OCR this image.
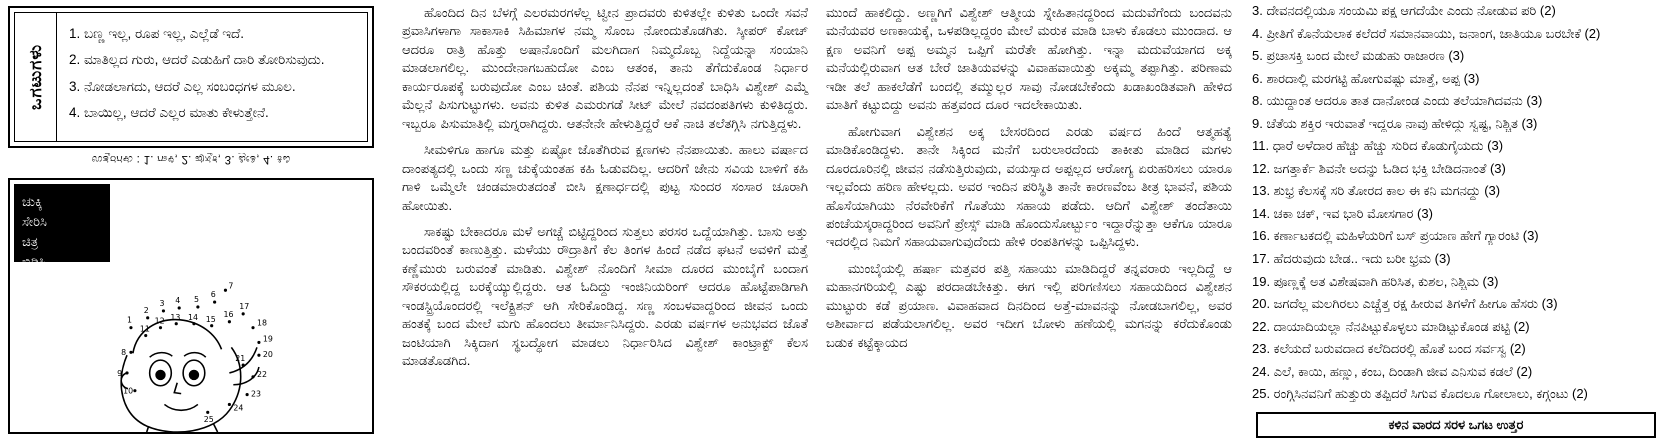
ಒಗಟುಗಳು
1. ಬಣ್ಣ ಇಲ್ಲ, ರೂಪ ಇಲ್ಲ, ಎಲ್ಲೆಡೆ ಇದೆ.
2. ಮಾತಿಲ್ಲದ ಗುರು, ಆದರೆ ಎಡುಹಿಗೆ ದಾರಿ ತೋರಿಸುವುದು.
3. ನೋಡಲಾಗದು, ಆದರೆ ಎಲ್ಲ ಸಂಬಂಧಗಳ ಮೂಲ.
4. ಬಾಯಿಲ್ಲ, ಆದರೆ ಎಲ್ಲರ ಮಾತು ಕೇಳುತ್ತೇನೆ.
ಉತ್ತರಗಳು : 1. ಗಾಳಿ, 2. ಪುಸ್ತಕ, 3. ಪ್ರೀತಿ, 4. ಕಿವಿ
ಚುಕ್ಕಿ
ಸೇರಿಸಿ
ಚಿತ್ರ
ಬಿಡಿಸಿ
1
2
3 4 5
6
7
8
9
10
11
12 13 14 15
16
17
18
19
20
21
22
23
24
25

ಹೊಂದಿದ ದಿನ ಬೆಳಗ್ಗೆ ಎಲರಮರಗಳೆಲ್ಲ ಟ್ವೀನ ಪ್ರಾದವರು ಕುಳಿತಲ್ಲೇ ಕುಳಿತು ಒಂದೇ ಸವನೆ ಪ್ರವಾಸಿಗಳಾಗಾ ಸಾಕಾಸಾಕಿ ಸಿಹಿಮಾಗಳ ನಮ್ಮ ಸೊಂಬ ನೋಂದುತೊಡಗಿತು. ಸ್ಕೀಪರ್ ಕೋಚ್ ಆದರೂ ರಾತ್ರಿ ಹೊತ್ತು ಅಷಾನೊಂದಿಗೆ ಮಲಗಿದಾಗ ನಿಮ್ಮದೊಬ್ಬ ನಿದ್ದೆಯನ್ನಾ ಸಂಯಾನಿ ಮಾಡಲಾಗಲಿಲ್ಲ. ಮುಂದೇನಾಗಬಹುದೋ ಎಂಬ ಆತಂಕ, ತಾನು ತೆಗೆದುಕೊಂಡ ನಿರ್ಧಾರ ಕಾರ್ಯರೂಪಕ್ಕೆ ಬರುವುದೋ ಎಂಬ ಚಿಂತೆ. ಪಶಿಯ ನೆನಪ ಇನ್ನಿಲ್ಲದಂತೆ ಬಾಧಿಸಿ ವಿಶ್ವೇಶ್ ಎಮ್ಮೆ ಮೆಲ್ಲನೆ ಪಿಸುಗುಟ್ಟುಗಳು. ಅವನು ಕುಳಿತ ಎಮರುಗಡೆ ಸೀಟ್ ಮೇಲೆ ನವದಂಪತಿಗಳು ಕುಳಿತಿದ್ದರು. ಇಬ್ಬರೂ ಪಿಸುಮಾತಿಲ್ಲಿ ಮಗ್ನರಾಗಿದ್ದರು. ಆತನೇನೇ ಹೇಳುತ್ತಿದ್ದರೆ ಆಕೆ ನಾಚಿ ತಲೆತಗ್ಗಿಸಿ ನಗುತ್ತಿದ್ದಳು.

ಸೀಮಳಿಗೂ ಹಾಗೂ ಮತ್ತು ಏಷ್ಟೋ ಜೊತೆಗಿರುವ ಕ್ಷಣಗಳು ನೆನಪಾಯಿತು. ಹಾಲು ವರ್ಷಾದ ದಾಂಪತ್ಯದಲ್ಲಿ ಒಂದು ಸಣ್ಣ ಚುಕ್ಕೆಯಂತಹ ಕಹಿ ಓಡುವದಿಲ್ಲ. ಆದರಿಗೆ ಜೇನು ಸವಿಯ ಬಾಳಿಗೆ ಕಹಿ ಗಾಳಿ ಒಮ್ಮೆಲೇ ಚಂಡಮಾರುತದಂತೆ ಬೀಸಿ ಕ್ಷಣಾರ್ಧದಲ್ಲಿ ಪುಟ್ಟ ಸುಂದರ ಸಂಸಾರ ಚೂರಾಗಿ ಹೋಯಿತು.

ಸಾಕಷ್ಟು ಬೇಕಾದರೂ ಮಳೆ ಅಗಚ್ಚೆ ಬಿಟ್ಟಿದ್ದರಿಂದ ಸುತ್ತಲು ಪರಸರ ಒದ್ದೆಯಾಗಿತ್ತು. ಬಾಸು ಅತ್ತು ಬಂದವರಿಂತೆ ಕಾಣುತ್ತಿತ್ತು. ಮಳೆಯು ರೌದ್ರಾತಿಗೆ ಕೆಲ ತಿಂಗಳ ಹಿಂದೆ ನಡೆದ ಘಟನೆ ಅವಳಿಗೆ ಮತ್ತೆ ಕಣ್ಣೆಮುರು ಬರುವಂತೆ ಮಾಡಿತು. ವಿಶ್ವೇಶ್ ನೊಂದಿಗೆ ಸೀಮಾ ದೂರದ ಮುಂಬೈಗೆ ಬಂದಾಗ ಸೌಕರಯಲ್ಲಿದ್ದ ಬರಕ್ಕೆಯ್ಯುಲ್ಲಿದ್ದರು. ಆತ ಓದಿದ್ದು ಇಂಜಿನಿಯರಿಂಗ್ ಆದರೂ ಹೊಟ್ಟೆಪಾಡಿಗಾಗಿ ಇಂಡಸ್ಟ್ರಿಯೊಂದರಲ್ಲಿ ಇಲೆಕ್ಟ್ರಿಶನ್ ಆಗಿ ಸೇರಿಕೊಂಡಿದ್ದ. ಸಣ್ಣ ಸಂಬಳವಾದ್ದರಿಂದ ಜೀವನ ಒಂದು ಹಂತಕ್ಕೆ ಬಂದ ಮೇಲೆ ಮಗು ಹೊಂದಲು ತೀರ್ಮಾನಿಸಿದ್ದರು. ಎರಡು ವರ್ಷಗಳ ಅನುಭವದ ಜೊತೆ ಜಂಟಿಯಾಗಿ ಸಿಕ್ಕಿದಾಗ ಸ್ಥಬದ್ಧೋಗ ಮಾಡಲು ನಿರ್ಧಾರಿಸಿದ ವಿಶ್ವೇಶ್ ಕಾಂಟ್ರಾಕ್ಟ್ ಕೆಲಸ ಮಾಡತೊಡಗಿದ.

ಮುಂದೆ ಹಾಕಲಿದ್ದು. ಅಣ್ಣಗಿಗೆ ವಿಶ್ವೇಶ್ ಆತ್ಮೀಯ ಸ್ನೇಹಿತಾನದ್ದರಿಂದ ಮದುವೆಗೆಂದು ಬಂದವನು ಮನೆಯವರ ಅಣಕಾಯಕ್ಕೆ, ಒಳಪಡಿಲ್ಲದ್ದರಂ ಮೇಲೆ ಮರುಕ ಮಾಡಿ ಬಾಳು ಕೊಡಲು ಮುಂದಾದ. ಆ ಕ್ಷಣ ಅವನಿಗೆ ಅಪ್ಪ ಅಮ್ಮನ ಒಪ್ಪಿಗೆ ಮರೆತೇ ಹೋಗಿತ್ತು. ಇನ್ನಾ ಮದುವೆಯಾಗದ ಅಕ್ಕ ಮನೆಯಲ್ಲಿರುವಾಗ ಆತ ಬೇರೆ ಜಾತಿಯವಳನ್ನು ವಿವಾಹವಾಯಿತ್ತು ಅಕ್ಕಮ್ಮ ತಪ್ಪಾಗಿತ್ತು. ಪರಿಣಾಮ ಇಡೀ ತಲೆ ಹಾಕಲೆಡೆಗೆ ಬಂದಲ್ಲಿ ತಮ್ಮುಲ್ಲರ ಸಾವು ನೋಡಬೇಕೆಂದು ಖಡಾಖಂಡಿತವಾಗಿ ಹೇಳಿದ ಮಾತಿಗೆ ಕಟ್ಟುಬಿದ್ದು ಅವನು ಹತ್ತವಂದ ದೂರ ಇದಲೇಕಾಯಿತು.

ಹೋಗುವಾಗ ವಿಶ್ವೇಶನ ಅಕ್ಕ ಬೇಸರದಿಂದ ಎರಡು ವರ್ಷದ ಹಿಂದೆ ಆತ್ಮಹತ್ಯೆ ಮಾಡಿಕೊಂಡಿದ್ದಳು. ತಾನೇ ಸಿಕ್ಕಿಂದ ಮನೆಗೆ ಬರುಲಾರದೆಂದು ತಾಕೀತು ಮಾಡಿದ ಮಗಳು ದೂರದೂರಿನಲ್ಲಿ ಜೀವನ ನಡೆಸುತ್ತಿರುವುದು, ವಯಸ್ಸಾದ ಅಪ್ಪಲ್ಲದ ಆರೋಗ್ಯ ಏರುಹರಿಸಲು ಯಾರೂ ಇಲ್ಲವೆಂದು ಹರಿಣ ಹೇಳಲ್ಲದು. ಅವರ ಇಂದಿನ ಪರಿಸ್ಥಿತಿ ತಾನೇ ಕಾರಣವೆಂಬ ತೀತ್ರ ಭಾವನೆ, ಪಶಿಯ ಹೊಸೆಯಾಗಿಯು ನೆರವೇರಿಕೆಗೆ ಗೊತೆಯು ಸಹಾಯ ಪಡೆದು. ಆದಿಗೆ ವಿಶ್ವೇಶ್ ತಂದೆತಾಯಿ ಪಂಚೆಯಸ್ಕರಾದ್ದರಿಂದ ಅವನಿಗೆ ಪ್ರೇಸ್ಸ್ ಮಾಡಿ ಹೊಂದುಸೋರ್ಟ್ಬುಂ ಇದ್ದಾರೆನ್ನುತ್ತಾ ಆಕೆಗೂ ಯಾರೂ ಇದರಲ್ಲಿದ ನಿಮಗೆ ಸಹಾಯವಾಗುವುದೆಂದು ಹೇಳಿ ರಂಪತಿಗಳನ್ನು ಒಪ್ಪಿಸಿದ್ದಳು.

ಮುಂಬೈಯಲ್ಲಿ ಹರ್ಷಾ ಮತ್ತವರ ಪತ್ತಿ ಸಹಾಯು ಮಾಡಿದಿದ್ದರೆ ತನ್ನವರಾರು ಇಲ್ಲದಿದ್ದೆ ಆ ಮಹಾನಗರಿಯಲ್ಲಿ ಎಷ್ಟು ಪರದಾಡಬೇಕಿತ್ತು. ಈಗ ಇಲ್ಲಿ ಪರಿಗಣಿಸಲು ಸಹಾಯದಿಂದ ವಿಶ್ವೇಶನ ಮುಟ್ಟುರು ಕಡೆ ಪ್ರಯಾಣ. ವಿವಾಹವಾದ ದಿನದಿಂದ ಅತ್ತೆ-ಮಾವನನ್ನು ನೋಡಬಾಗಲಿಲ್ಲ, ಅವರ ಅಶೀರ್ವಾದ ಪಡೆಯಲಾಗಲಿಲ್ಲ. ಅವರ ಇದೀಗ ಬೋಳು ಹಣೆಯಲ್ಲಿ ಮಗನನ್ನು ಕರೆದುಕೊಂಡು ಬಡುಕ ಕಟ್ಟೆಕ್ಕಾಯದ

3. ದೇವನದಲ್ಲಿಯೂ ಸಂಯಮಿ ಪಕ್ಷ ಆಗದೆಯೇ ಎಂದು ನೋಡುವ ಪರಿ (2)
4. ಪ್ರೀತಿಗೆ ಕೊನೆಯಲಾಕ ಕಲೆದರೆ ಸಮಾನವಾಯು, ಜನಾಂಗ, ಜಾತಿಯೂ ಬರಬೇಕೆ (2)
5. ಪ್ರಚಾಸಕ್ತಿ ಬಂದ ಮೇಲೆ ಮಡುಹು ರಾಜಾರಣ (3)
6. ಶಾರದಾಲ್ಲಿ ಮರಗಟ್ಟಿ ಹೋಗುವಷ್ಟು ಮಾತ್ತೆ, ಅಪ್ಪ (3)
8. ಯುದ್ಧಾಂತ ಆದರೂ ತಾತ ದಾನೋಂಡ ಎಂದು ತಲೆಯಾಗಿದವನು (3)
9. ಚೆತೆಯ ಶಕ್ತಿರ ಇರುವಾತೆ ಇದ್ದರೂ ನಾವು ಹೇಳಿದ್ದು ಸ್ವಷ್ಟ, ನಿಶ್ಚಿತ (3)
11. ಧಾರೆ ಅಳೆದಾರ ಹೆಚ್ಚು ಹೆಚ್ಚು ಸುರಿದ ಕೊಡುಗೈಯದು (3)
12. ಜಗತ್ತಾರ್ಕೆ ಶಿವನೇ ಅದನ್ನು ಓಡಿದ ಭಕ್ತಿ ಬೇಡಿದನಾಂತೆ (3)
13. ಶುಭ್ರ ಕೆಲಸಕ್ಕೆ ಸರಿ ತೋರದ ಕಾಲ ಈ ಕನಿ ಮಗನದ್ದು (3)
14. ಚಕಾ ಚಕ್, ಇವ ಭಾರಿ ಮೋಸಗಾರ (3)
16. ಕರ್ಣಾಟಕದಲ್ಲಿ ಮಹಿಳೆಯರಿಗೆ ಬಸ್ ಪ್ರಯಾಣ ಹೇಗೆ ಗ್ಯಾರಂಟಿ (3)
17. ಹೆದರುವುದು ಬೇಡ.. ಇದು ಬರೀ ಭ್ರಮ (3)
19. ಪೂಣ್ಣಕ್ಕೆ ಅತ ವಿಶೇಷವಾಗಿ ಹರಿಸಿತ, ಕುಶಲ, ನಿಶ್ಚಿಮ (3)
20. ಜಗದೆಲ್ಲ ಮಲಗಿರಲು ಎಚ್ಚೆತ್ತ ರಕ್ಷ ಹೀರುವ ತಿಗಳೆಗೆ ಹೀಗೂ ಹೆಸರು (3)
22. ದಾಯಾದಿಯಲ್ಲಾ ನೆನಪಿಟ್ಟುಕೊಳ್ಳಲು ಮಾಡಿಟ್ಟುಕೊಂಡ ಪಟ್ಟಿ (2)
23. ಕಲೆಯದೆ ಬರುವದಾದ ಕಲೆದಿದರಲ್ಲಿ ಹೊತೆ ಬಂದ ಸರ್ವಸ್ವ (2)
24. ಎಲೆ, ಕಾಯಿ, ಹಣ್ಣು, ಕಂಬ, ದಿಂಡಾಗಿ ಜೀವ ಎನಿಸುವ ಕಡಲೆ (2)
25. ರಂಗ್ಗಿಸಿನವನಿಗೆ ಹುತ್ತುರು ತಪ್ಪಿದರೆ ಸಿಗುವ ಕೊದಲೂ ಗೋಲಾಲು, ಕಗ್ಗಂಟು (2)
ಕಳಿನ ವಾರದ ಸರಳ ಒಗಟ ಉತ್ತರ
